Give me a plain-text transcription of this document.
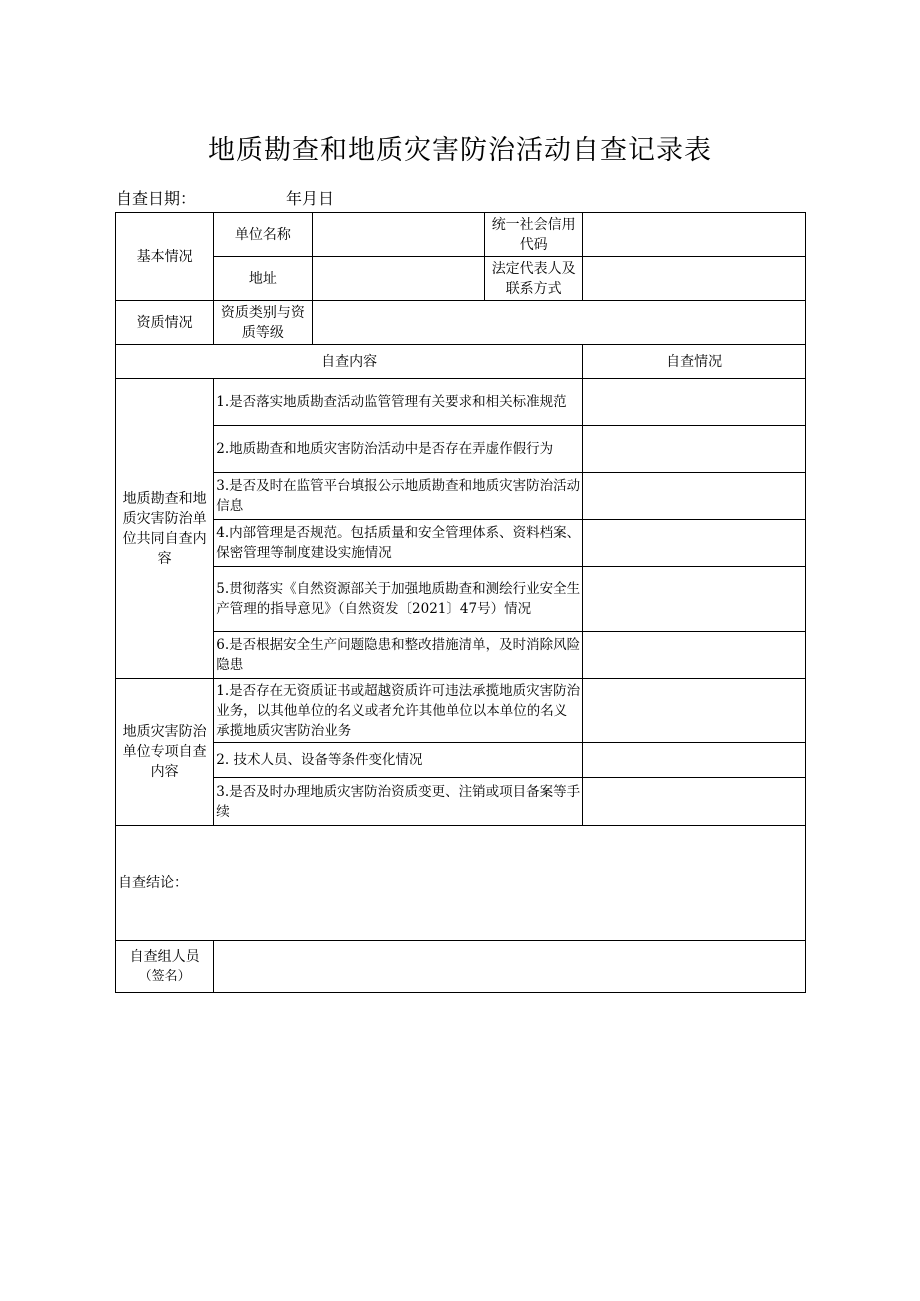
地质勘查和地质灾害防治活动自查记录表
自查日期：	年月日
基本情况	单位名称		统一社会信用代码	
	地址		法定代表人及联系方式	
资质情况	资质类别与资质等级			
自查内容				自查情况
地质勘查和地质灾害防治单位共同自查内容	1.是否落实地质勘查活动监管管理有关要求和相关标准规范			
	2.地质勘查和地质灾害防治活动中是否存在弄虚作假行为			
	3.是否及时在监管平台填报公示地质勘查和地质灾害防治活动信息			
	4.内部管理是否规范。包括质量和安全管理体系、资料档案、保密管理等制度建设实施情况			
	5.贯彻落实《自然资源部关于加强地质勘查和测绘行业安全生产管理的指导意见》（自然资发〔2021〕47号）情况			
	6.是否根据安全生产问题隐患和整改措施清单，及时消除风险隐患			
地质灾害防治单位专项自查内容	1.是否存在无资质证书或超越资质许可违法承揽地质灾害防治业务，以其他单位的名义或者允许其他单位以本单位的名义承揽地质灾害防治业务			
	2. 技术人员、设备等条件变化情况			
	3.是否及时办理地质灾害防治资质变更、注销或项目备案等手续			
自查结论：				

自查组人员
（签名）				
